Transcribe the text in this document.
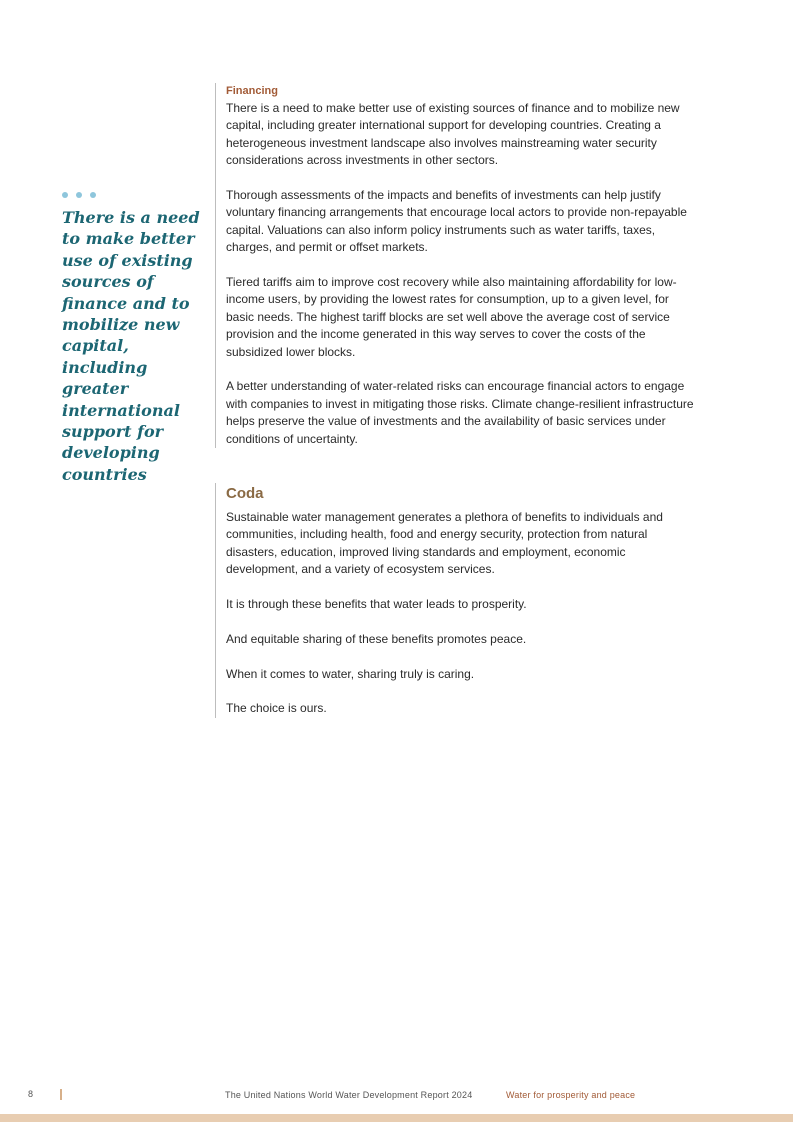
There is a need to make better use of existing sources of finance and to mobilize new capital, including greater international support for developing countries
Financing

There is a need to make better use of existing sources of finance and to mobilize new capital, including greater international support for developing countries. Creating a heterogeneous investment landscape also involves mainstreaming water security considerations across investments in other sectors.

Thorough assessments of the impacts and benefits of investments can help justify voluntary financing arrangements that encourage local actors to provide non-repayable capital. Valuations can also inform policy instruments such as water tariffs, taxes, charges, and permit or offset markets.

Tiered tariffs aim to improve cost recovery while also maintaining affordability for low-income users, by providing the lowest rates for consumption, up to a given level, for basic needs. The highest tariff blocks are set well above the average cost of service provision and the income generated in this way serves to cover the costs of the subsidized lower blocks.

A better understanding of water-related risks can encourage financial actors to engage with companies to invest in mitigating those risks. Climate change-resilient infrastructure helps preserve the value of investments and the availability of basic services under conditions of uncertainty.

Coda

Sustainable water management generates a plethora of benefits to individuals and communities, including health, food and energy security, protection from natural disasters, education, improved living standards and employment, economic development, and a variety of ecosystem services.

It is through these benefits that water leads to prosperity.

And equitable sharing of these benefits promotes peace.

When it comes to water, sharing truly is caring.

The choice is ours.

8	The United Nations World Water Development Report 2024	Water for prosperity and peace
